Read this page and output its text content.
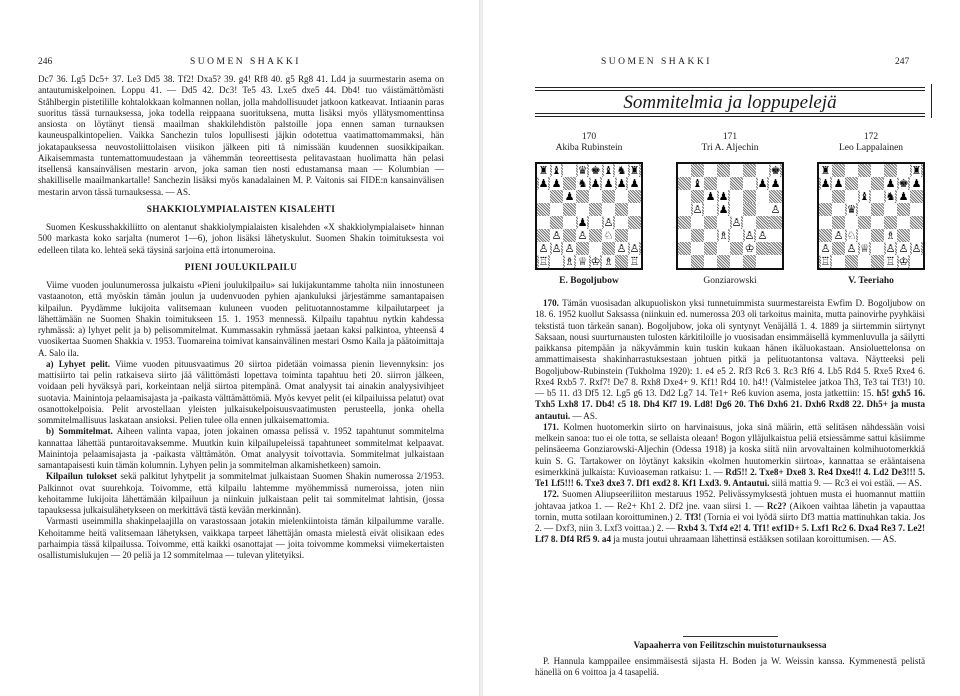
246	SUOMEN SHAKKI

Dc7 36. Lg5 Dc5+ 37. Le3 Dd5 38. Tf2! Dxa5? 39. g4! Rf8 40. g5 Rg8 41. Ld4 ja suurmestarin asema on antautumiskelpoinen. Loppu 41. — Dd5 42. Dc3! Te5 43. Lxe5 dxe5 44. Db4! tuo väistämättömästi Ståhlbergin pistetilille kohtalokkaan kolmannen nollan, jolla mahdollisuudet jatkoon katkeavat. Intiaanin paras suoritus tässä turnauksessa, joka todella reippaana suorituksena, mutta lisäksi myös yllätysmomenttinsa ansiosta on löytänyt tiensä maailman shakkilehdistön palstoille jopa ennen saman turnauksen kauneuspalkintopelien. Vaikka Sanchezin tulos lopullisesti jäjkin odotettua vaatimattomammaksi, hän jokatapauksessa neuvostoliittolaisen viisikon jälkeen piti tä nimissään kuudennen suosikkipaikan. Aikaisemmasta tuntemattomuudestaan ja vähemmän teoreettisesta pelitavastaan huolimatta hän pelasi itsellensä kansainvälisen mestarin arvon, joka saman tien nosti edustamansa maan — Kolumbian — shakilliselle maailmankartalle! Sanchezin lisäksi myös kanadalainen M. P. Vaitonis sai FIDE:n kansainvälisen mestarin arvon tässä turnauksessa. — AS.

SHAKKIOLYMPIALAISTEN KISALEHTI

Suomen Keskusshakkiliitto on alentanut shakkiolympialaisten kisalehden «X shakkiolympialaiset» hinnan 500 markasta koko sarjalta (numerot 1—6), johon lisäksi lähetyskulut. Suomen Shakin toimituksesta voi edelleen tilata ko. lehteä sekä täysinä sarjoina että irtonumeroina.

PIENI JOULUKILPAILU

Viime vuoden joulunumerossa julkaistu «Pieni joulukilpailu» sai lukijakuntamme taholta niin innostuneen vastaanoton, että myöskin tämän joulun ja uudenvuoden pyhien ajankuluksi järjestämme samantapaisen kilpailun. Pyydämme lukijoita valitsemaan kuluneen vuoden pelituotannostamme kilpailutarpeet ja lähettämään ne Suomen Shakin toimitukseen 15. 1. 1953 mennessä. Kilpailu tapahtuu nytkin kahdessa ryhmässä: a) lyhyet pelit ja b) pelisommitelmat. Kummassakin ryhmässä jaetaan kaksi palkintoa, yhteensä 4 vuosikertaa Suomen Shakkia v. 1953. Tuomareina toimivat kansainvälinen mestari Osmo Kaila ja päätoimittaja A. Salo ila.

a) Lyhyet pelit. Viime vuoden pituusvaatimus 20 siirtoa pidetään voimassa pienin lievennyksin: jos mattisiirto tai pelin ratkaiseva siirto jää välittömästi lopettava toiminta tapahtuu heti 20. siirron jälkeen, voidaan peli hyväksyä pari, korkeintaan neljä siirtoa pitempänä. Omat analyysit tai ainakin analyysivihjeet suotavia. Mainintoja pelaamisajasta ja -paikasta välttämättömiä. Myös kevyet pelit (ei kilpailuissa pelatut) ovat osanottokelpoisia. Pelit arvostellaan yleisten julkaisukelpoisuusvaatimusten perusteella, jonka ohella sommitelmallisuus laskataan ansioksi. Pelien tulee olla ennen julkaisemattomia.

b) Sommitelmat. Aiheen valinta vapaa, joten jokainen omassa pelissä v. 1952 tapahtunut sommitelma kannattaa lähettää puntaroitavaksemme. Muutkin kuin kilpailupeleissä tapahtuneet sommitelmat kelpaavat. Mainintoja pelaamisajasta ja -paikasta välttämätön. Omat analyysit toivottavia. Sommitelmat julkaistaan samantapaisesti kuin tämän kolumnin. Lyhyen pelin ja sommitelman alkamishetkeen) samoin.

Kilpailun tulokset sekä palkitut lyhytpelit ja sommitelmat julkaistaan Suomen Shakin numerossa 2/1953. Palkinnot ovat suurehkoja. Toivomme, että kilpailu lahtemme myöhemmissä numeroissa, joten niin kehoitamme lukijoita lähettämään kilpailuun ja niinkuin julkaistaan pelit tai sommitelmat lahtisin, (jossa tapauksessa julkaisulähetykseen on merkittävä tästä kevään merkinnän).

Varmasti useimmilla shakinpelaajilla on varastossaan jotakin mielenkiintoista tämän kilpailumme varalle. Kehoitamme heitä valitsemaan lähetyksen, vaikkapa tarpeet lähettäjän omasta mielestä eivät olisikaan edes parhaimpia tässä kilpailussa. Toivomme, että kaikki osanottajat — joita toivomme kommeksi viimekertaisten osallistumislukujen — 20 peliä ja 12 sommitelmaa — tulevan ylitetyiksi.

SUOMEN SHAKKI	247
Sommitelmia ja loppupelejä
170
Akiba Rubinstein
♜ ♝ ♛ ♚ ♝ ♞ ♜
♟ ♟ ♞ ♟ ♟ ♟ ♟
♟
♟ ♙
♙ ♙ ♘
♙ ♙ ♙	♙ ♙
♖ ♗ ♕ ♔ ♗ ♖
E. Bogoljubow
171
Tri A. Aljechin
♚
♝	♟ ♟
♟ ♟
♙ ♟	♙
♙
♗ ♙ ♙
♔
Gonziarowski
172
Leo Lappalainen
♜	♜
♟ ♟	♟ ♚ ♟
♝ ♞ ♟
♛
♙ ♘	♗
♙ ♙ ♕ ♙ ♙ ♙
♖	♖ ♔
V. Teeriaho

170. Tämän vuosisadan alkupuoliskon yksi tunnetuimmista suurmestareista Ewfim D. Bogoljubow on 18. 6. 1952 kuollut Saksassa (niinkuin ed. numerossa 203 oli tarkoitus mainita, mutta painovirhe pyyhkäisi tekstistä tuon tärkeän sanan). Bogoljubow, joka oli syntynyt Venäjällä 1. 4. 1889 ja siirtemmin siirtynyt Saksaan, nousi suurturnausten tulosten kärkitiloille jo vuosisadan ensimmäisellä kymmenluvulla ja säilytti paikkansa pitempään ja näkyvämmin kuin tuskin kukaan hänen ikäluokastaan. Ansioluettelonsa on ammattimaisesta shakinharrastuksestaan johtuen pitkä ja pelituotantonsa valtava. Näytteeksi peli Bogoljubow-Rubinstein (Tukholma 1920): 1. e4 e5 2. Rf3 Rc6 3. Rc3 Rf6 4. Lb5 Rd4 5. Rxe5 Rxe4 6. Rxe4 Rxb5 7. Rxf7! De7 8. Rxh8 Dxe4+ 9. Kf1! Rd4 10. h4!! (Valmistelee jatkoa Th3, Te3 tai Tf3!) 10. — b5 11. d3 Df5 12. Lg5 g6 13. Dd2 Lg7 14. Te1+ Re6 kuvion asema, josta jatkettiin: 15. h5! gxh5 16. Txh5 Lxh8 17. Db4! c5 18. Dh4 Kf7 19. Ld8! Dg6 20. Th6 Dxh6 21. Dxh6 Rxd8 22. Dh5+ ja musta antautui. — AS.

171. Kolmen huotomerkin siirto on harvinaisuus, joka sinä määrin, että selitäsen nähdessään voisi melkein sanoa: tuo ei ole totta, se sellaista oleaan! Bogon ylläjulkaistua peliä etsiessämme sattui käsiimme pelinsäeema Gonziarowski-Aljechin (Odessa 1918) ja koska siitä niin arvovaltainen kolmihuotomerkkiä kuin S. G. Tartakower on löytänyt kaksikin «kolmen huutomerkin siirtoa», kannattaa se erääntaisena esimerkkinä julkaista: Kuvioaseman ratkaisu: 1. — Rd5!! 2. Txe8+ Dxe8 3. Re4 Dxe4!! 4. Ld2 De3!!! 5. Te1 Lf5!!! 6. Txe3 dxe3 7. Df1 exd2 8. Kf1 Lxd3. 9. Antautui. siilä mattia 9. — Rc3 ei voi estää. — AS.

172. Suomen Aliupseeriliiton mestaruus 1952. Pelivässymyksestä johtuen musta ei huomannut mattiin johtavaa jatkoa 1. — Re2+ Kh1 2. Df2 jne. vaan siirsi 1. — Rc2? (Aikoen vaihtaa lähetin ja vapauttaa tornin, mutta sotilaan koroittuminen.) 2. Tf3! (Tornia ei voi lyödä siirto Df3 mattia mattinuhkan takia. Jos 2. — Dxf3, niin 3. Lxf3 voittaa.) 2. — Rxb4 3. Txf4 e2! 4. Tf1! exf1D+ 5. Lxf1 Rc2 6. Dxa4 Re3 7. Le2! Lf7 8. Df4 Rf5 9. a4 ja musta joutui uhraamaan lähettinsä estääksen sotilaan koroittumisen. — AS.

Vapaaherra von Feilitzschin muistoturnauksessa
P. Hannula kamppailee ensimmäisestä sijasta H. Boden ja W. Weissin kanssa. Kymmenestä pelistä hänellä on 6 voittoa ja 4 tasapeliä.
